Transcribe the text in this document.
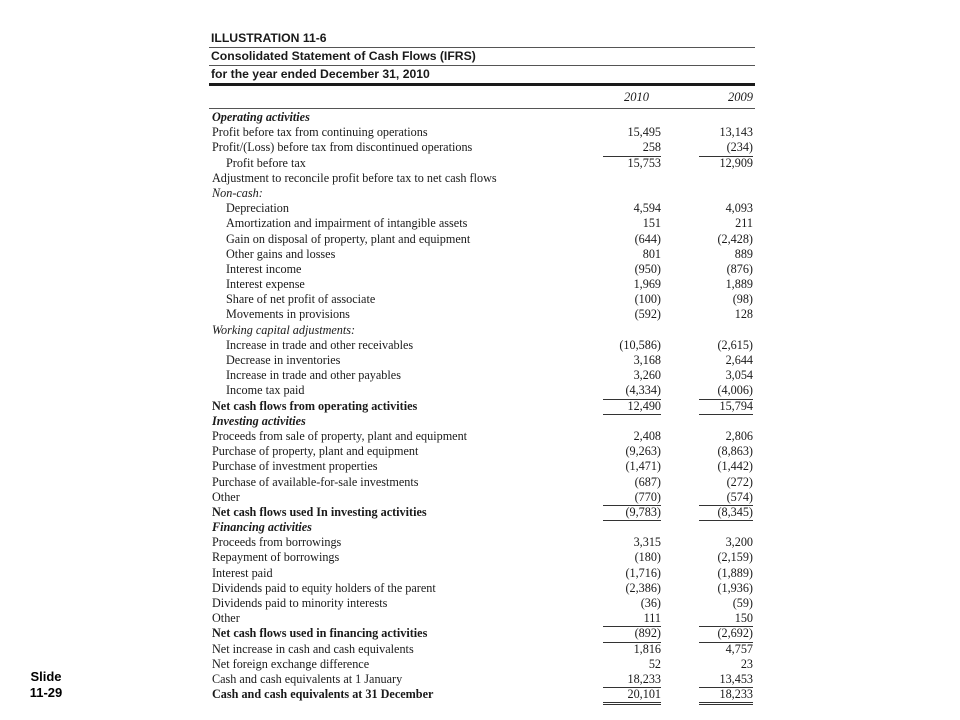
Slide
11-29
ILLUSTRATION 11-6
Consolidated Statement of Cash Flows (IFRS)
for the year ended December 31, 2010
2010	2009
Operating activities
Profit before tax from continuing operations	15,495	13,143
Profit/(Loss) before tax from discontinued operations	258	(234)
Profit before tax	15,753	12,909
Adjustment to reconcile profit before tax to net cash flows
Non-cash:
Depreciation	4,594	4,093
Amortization and impairment of intangible assets	151	211
Gain on disposal of property, plant and equipment	(644)	(2,428)
Other gains and losses	801	889
Interest income	(950)	(876)
Interest expense	1,969	1,889
Share of net profit of associate	(100)	(98)
Movements in provisions	(592)	128
Working capital adjustments:
Increase in trade and other receivables	(10,586)	(2,615)
Decrease in inventories	3,168	2,644
Increase in trade and other payables	3,260	3,054
Income tax paid	(4,334)	(4,006)
Net cash flows from operating activities	12,490	15,794
Investing activities
Proceeds from sale of property, plant and equipment	2,408	2,806
Purchase of property, plant and equipment	(9,263)	(8,863)
Purchase of investment properties	(1,471)	(1,442)
Purchase of available-for-sale investments	(687)	(272)
Other	(770)	(574)
Net cash flows used In investing activities	(9,783)	(8,345)
Financing activities
Proceeds from borrowings	3,315	3,200
Repayment of borrowings	(180)	(2,159)
Interest paid	(1,716)	(1,889)
Dividends paid to equity holders of the parent	(2,386)	(1,936)
Dividends paid to minority interests	(36)	(59)
Other	111	150
Net cash flows used in financing activities	(892)	(2,692)
Net increase in cash and cash equivalents	1,816	4,757
Net foreign exchange difference	52	23
Cash and cash equivalents at 1 January	18,233	13,453
Cash and cash equivalents at 31 December	20,101	18,233
